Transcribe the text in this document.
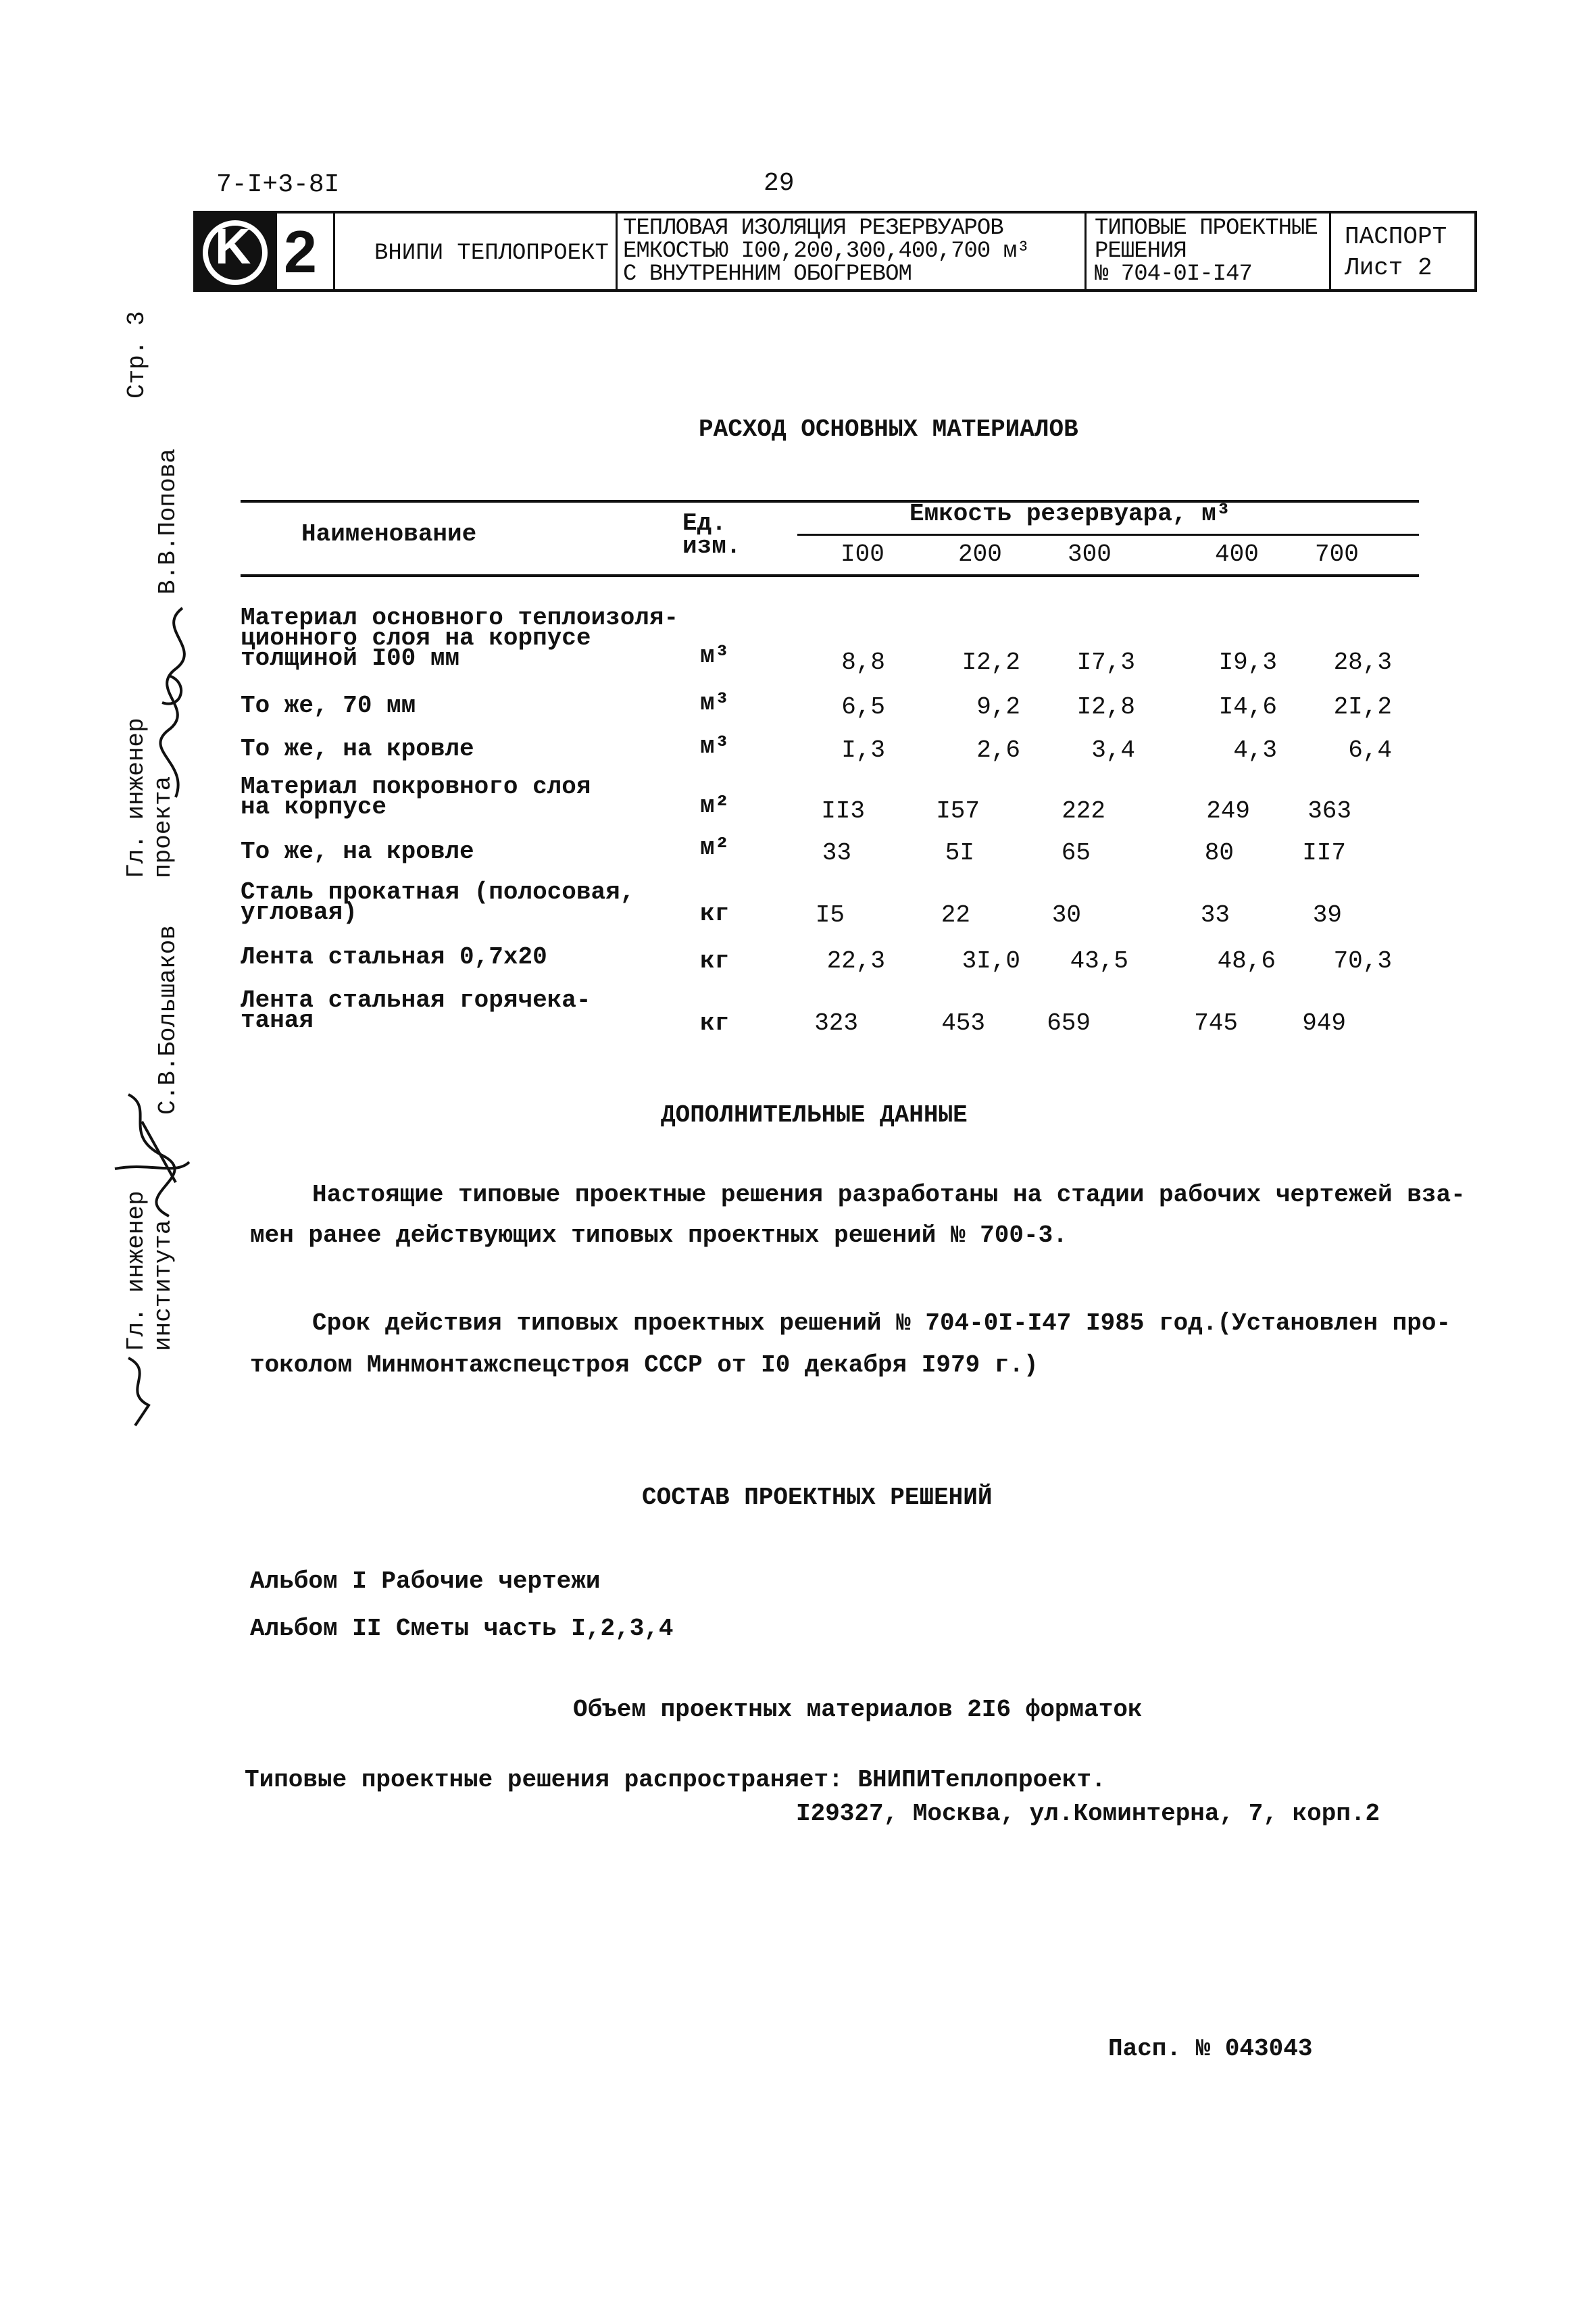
7-I+3-8I	29
K 2	ВНИПИ ТЕПЛОПРОЕКТ
ТЕПЛОВАЯ ИЗОЛЯЦИЯ РЕЗЕРВУАРОВ
ЕМКОСТЬЮ I00,200,300,400,700 м³
С ВНУТРЕННИМ ОБОГРЕВОМ
ТИПОВЫЕ ПРОЕКТНЫЕ
РЕШЕНИЯ
№ 704-0I-I47
ПАСПОРТ
Лист 2
Стр. 3
Гл. инженер проекта
В.В.Попова
Гл. инженер института
С.В.Большаков
РАСХОД ОСНОВНЫХ МАТЕРИАЛОВ
Наименование	Ед. изм.
Емкость резервуара, м³
I00	200	300	400 700
Материал основного теплоизоля-
ционного слоя на корпусе
толщиной I00 мм	м³	8,8	I2,2	I7,3	I9,3	28,3
То же, 70 мм	м³	6,5	9,2	I2,8	I4,6	2I,2
То же, на кровле	м³	I,3	2,6	3,4	4,3	6,4
Материал покровного слоя
на корпусе	м²	II3	I57	222	249	363
То же, на кровле	м²	33	5I	65	80	II7
Сталь прокатная (полосовая,
угловая)	кг	I5	22	30	33	39
Лента стальная 0,7х20	кг	22,3	3I,0	43,5	48,6	70,3
Лента стальная горячека-
таная	кг	323	453	659	745	949
ДОПОЛНИТЕЛЬНЫЕ ДАННЫЕ
Настоящие типовые проектные решения разработаны на стадии рабочих чертежей вза-
мен ранее действующих типовых проектных решений № 700-3.
Срок действия типовых проектных решений № 704-0I-I47 I985 год.(Установлен про-
токолом Минмонтажспецстроя СССР от I0 декабря I979 г.)
СОСТАВ ПРОЕКТНЫХ РЕШЕНИЙ
Альбом I Рабочие чертежи
Альбом II Сметы часть I,2,3,4
Объем проектных материалов 2I6 форматок
Типовые проектные решения распространяет: ВНИПИТеплопроект.
I29327, Москва, ул.Коминтерна, 7, корп.2
Пасп. № 043043
